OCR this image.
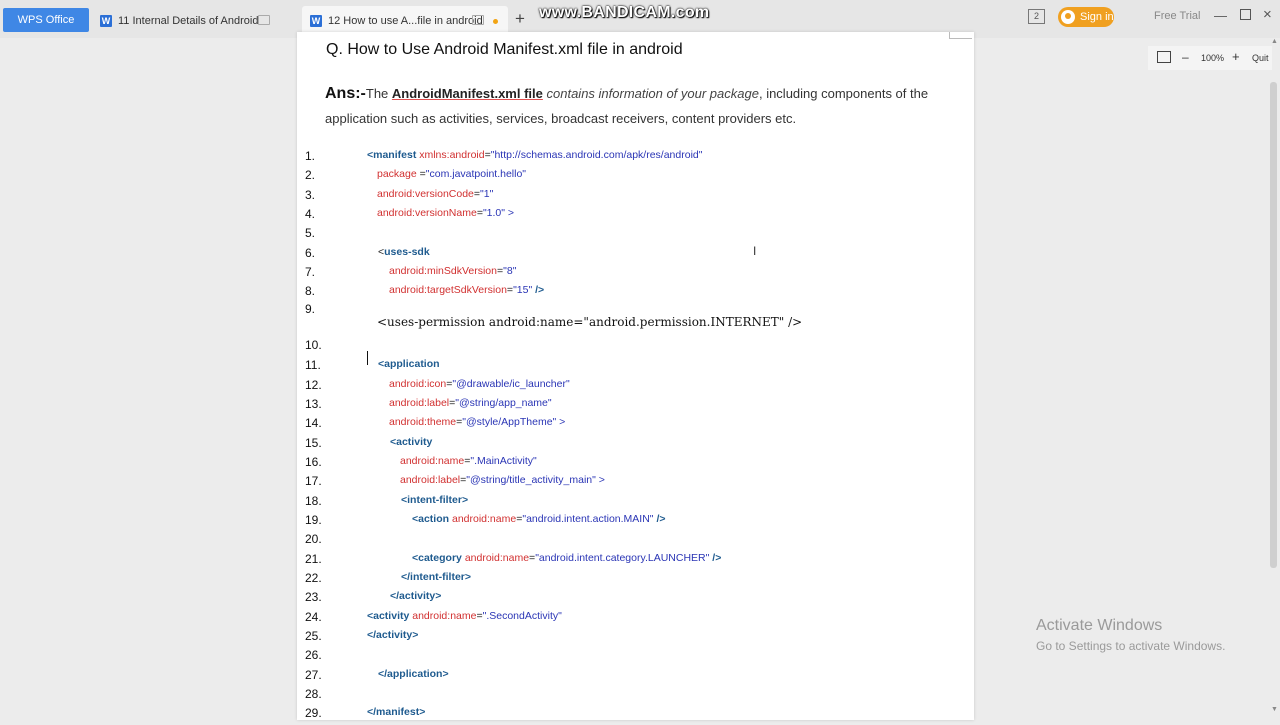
WPS Office	W 11 Internal Details of Android	W 12 How to use A...file in android + www.BANDICAM.com	2	Sign in	Free Trial — ×
Q. How to Use Android Manifest.xml file in android
Ans:-The AndroidManifest.xml file contains information of your package, including components of the application such as activities, services, broadcast receivers, content providers etc.
1.	<manifest xmlns:android="http://schemas.android.com/apk/res/android"
2.	package ="com.javatpoint.hello"
3.	android:versionCode="1"
4.	android:versionName="1.0" >
5.
6.	<uses-sdk
7.	android:minSdkVersion="8"
8.	android:targetSdkVersion="15" />
9.
<uses-permission android:name="android.permission.INTERNET" />
10.
11.	<application
12.	android:icon="@drawable/ic_launcher"
13.	android:label="@string/app_name"
14.	android:theme="@style/AppTheme" >
15.	<activity
16.	android:name=".MainActivity"
17.	android:label="@string/title_activity_main" >
18.	<intent-filter>
19.	<action android:name="android.intent.action.MAIN" />
20.
21.	<category android:name="android.intent.category.LAUNCHER" />
22.	</intent-filter>
23.	</activity>
24.	<activity android:name=".SecondActivity"
25.	</activity>
26.
27.	</application>
28.
29.	</manifest>
I
– 100% + Quit
▲
▼
Activate Windows
Go to Settings to activate Windows.
